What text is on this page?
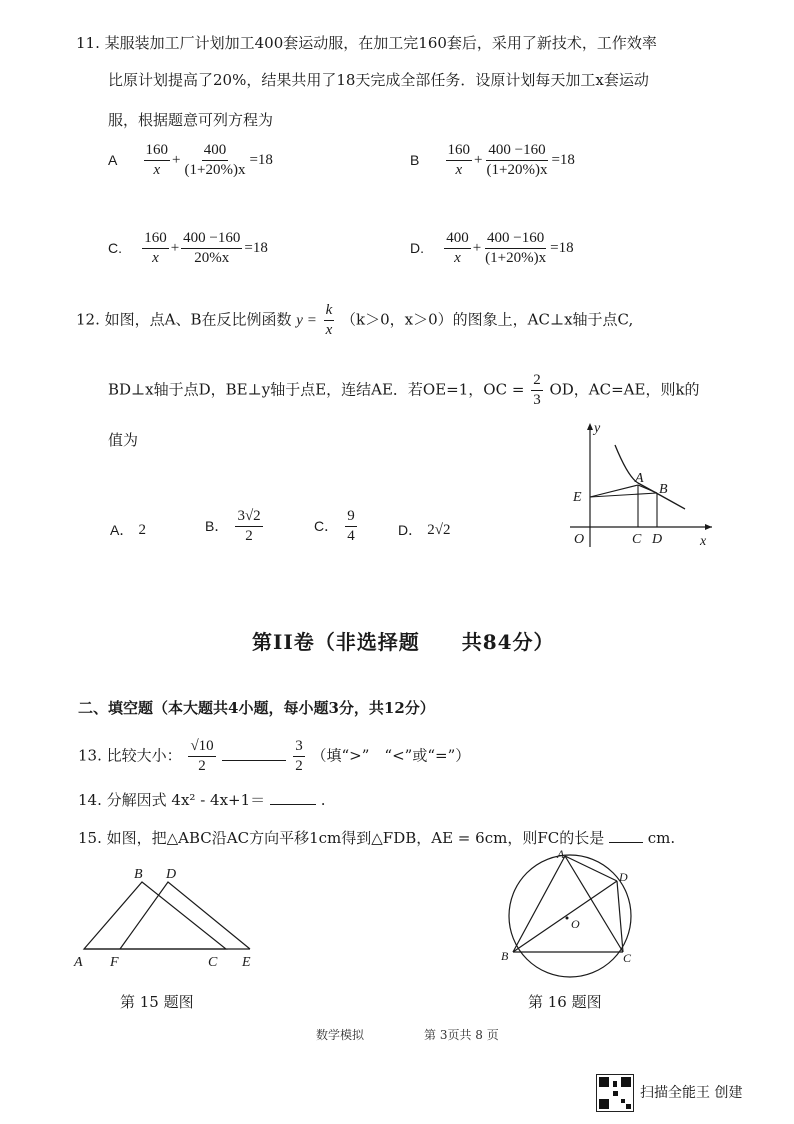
11. 某服装加工厂计划加工400套运动服，在加工完160套后，采用了新技术，工作效率
比原计划提高了20%，结果共用了18天完成全部任务．设原计划每天加工x套运动
服，根据题意可列方程为
A $\frac{160}{x} + \frac{400}{(1+20\%)x} =18$	B $\frac{160}{x} + \frac{400 -160}{(1+20\%)x} =18$
C. $\frac{160}{x} + \frac{400 -160}{20\%x} =18$	D. $\frac{400}{x} + \frac{400 -160}{(1+20\%)x} =18$
12. 如图，点A、B在反比例函数 $y = \frac{k}{x} (k>0$，x＞0）的图象上，AC⊥x轴于点C,
BD⊥x轴于点D，BE⊥y轴于点E，连结AE．若OE=1，OC = $\frac{2}{3}$ OD，AC=AE，则k的
值为
A． 2	B． $\frac{3√2}{2}$	C． $\frac{9}{4}$	D． 2√2
y
x
O
E
A
B
C D
第II卷（非选择题　　共84分）
二、填空题（本大题共4小题，每小题3分，共12分）
13. 比较大小： $\frac{√10}{2}$
	$\frac{3}{2}$ （填“>”　“<”或“=”）
14. 分解因式 4x² - 4x+1＝	.
15. 如图，把△ABC沿AC方向平移1cm得到△FDB，AE = 6cm，则FC的长是	cm.
A
B
C
D
E
F
第 15 题图
A
B	C
D
O
第 16 题图
数学模拟	第 3页共 8 页
扫描全能王 创建
